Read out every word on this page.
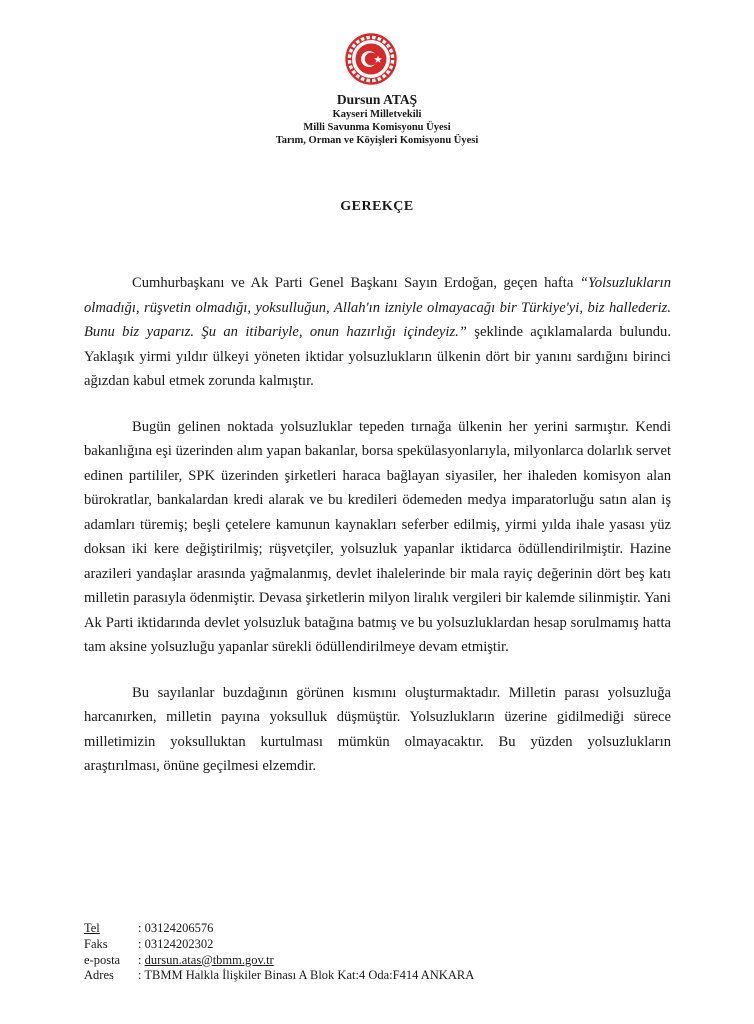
Dursun ATAŞ
Kayseri Milletvekili
Milli Savunma Komisyonu Üyesi
Tarım, Orman ve Köyişleri Komisyonu Üyesi
GEREKÇE

Cumhurbaşkanı ve Ak Parti Genel Başkanı Sayın Erdoğan, geçen hafta “Yolsuzlukların olmadığı, rüşvetin olmadığı, yoksulluğun, Allah'ın izniyle olmayacağı bir Türkiye'yi, biz hallederiz. Bunu biz yaparız. Şu an itibariyle, onun hazırlığı içindeyiz.” şeklinde açıklamalarda bulundu. Yaklaşık yirmi yıldır ülkeyi yöneten iktidar yolsuzlukların ülkenin dört bir yanını sardığını birinci ağızdan kabul etmek zorunda kalmıştır.

Bugün gelinen noktada yolsuzluklar tepeden tırnağa ülkenin her yerini sarmıştır. Kendi bakanlığına eşi üzerinden alım yapan bakanlar, borsa spekülasyonlarıyla, milyonlarca dolarlık servet edinen partililer, SPK üzerinden şirketleri haraca bağlayan siyasiler, her ihaleden komisyon alan bürokratlar, bankalardan kredi alarak ve bu kredileri ödemeden medya imparatorluğu satın alan iş adamları türemiş; beşli çetelere kamunun kaynakları seferber edilmiş, yirmi yılda ihale yasası yüz doksan iki kere değiştirilmiş; rüşvetçiler, yolsuzluk yapanlar iktidarca ödüllendirilmiştir. Hazine arazileri yandaşlar arasında yağmalanmış, devlet ihalelerinde bir mala rayiç değerinin dört beş katı milletin parasıyla ödenmiştir. Devasa şirketlerin milyon liralık vergileri bir kalemde silinmiştir. Yani Ak Parti iktidarında devlet yolsuzluk batağına batmış ve bu yolsuzluklardan hesap sorulmamış hatta tam aksine yolsuzluğu yapanlar sürekli ödüllendirilmeye devam etmiştir.

Bu sayılanlar buzdağının görünen kısmını oluşturmaktadır. Milletin parası yolsuzluğa harcanırken, milletin payına yoksulluk düşmüştür. Yolsuzlukların üzerine gidilmediği sürece milletimizin yoksulluktan kurtulması mümkün olmayacaktır. Bu yüzden yolsuzlukların araştırılması, önüne geçilmesi elzemdir.

Tel	: 03124206576
Faks	: 03124202302
e-posta	: dursun.atas@tbmm.gov.tr
Adres	: TBMM Halkla İlişkiler Binası A Blok Kat:4 Oda:F414 ANKARA
